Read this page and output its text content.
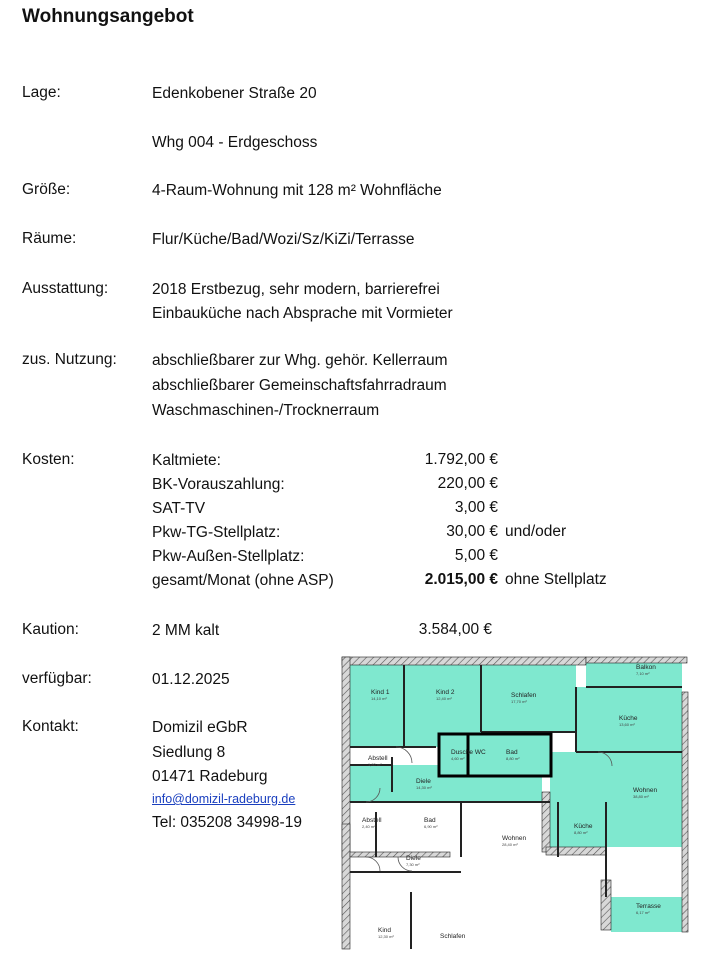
Wohnungsangebot
Lage:	Edenkobener Straße 20
Whg 004 - Erdgeschoss
Größe:	4-Raum-Wohnung mit 128 m² Wohnfläche
Räume:	Flur/Küche/Bad/Wozi/Sz/KiZi/Terrasse
Ausstattung:	2018 Erstbezug, sehr modern, barrierefrei
Einbauküche nach Absprache mit Vormieter
zus. Nutzung: abschließbarer zur Whg. gehör. Kellerraum
abschließbarer Gemeinschaftsfahrradraum
Waschmaschinen-/Trocknerraum
Kosten:	Kaltmiete:	1.792,00 €
BK-Vorauszahlung:	220,00 €
SAT-TV	3,00 €
Pkw-TG-Stellplatz:	30,00 € und/oder
Pkw-Außen-Stellplatz:	5,00 €
gesamt/Monat (ohne ASP)	2.015,00 € ohne Stellplatz
Kaution:	2 MM kalt	3.584,00 €
verfügbar:	01.12.2025
Kontakt:	Domizil eGbR
Siedlung 8
01471 Radeburg
info@domizil-radeburg.de
Tel: 035208 34998-19
Balkon
7,10 m²
Kind 1
14,10 m²
Kind 2
12,40 m²	Schlafen
17,70 m²
Küche
13,60 m²
Abstell
1,80 m²
Dusche WC
4,60 m²
Bad
8,80 m²
Diele
14,30 m²	Wohnen
38,80 m²
Abstell
2,40 m²
Bad
6,90 m²
Wohnen
28,40 m²
Küche
8,80 m²
Diele
7,30 m²
Terrasse
6,17 m²
Kind
12,30 m²	Schlafen
